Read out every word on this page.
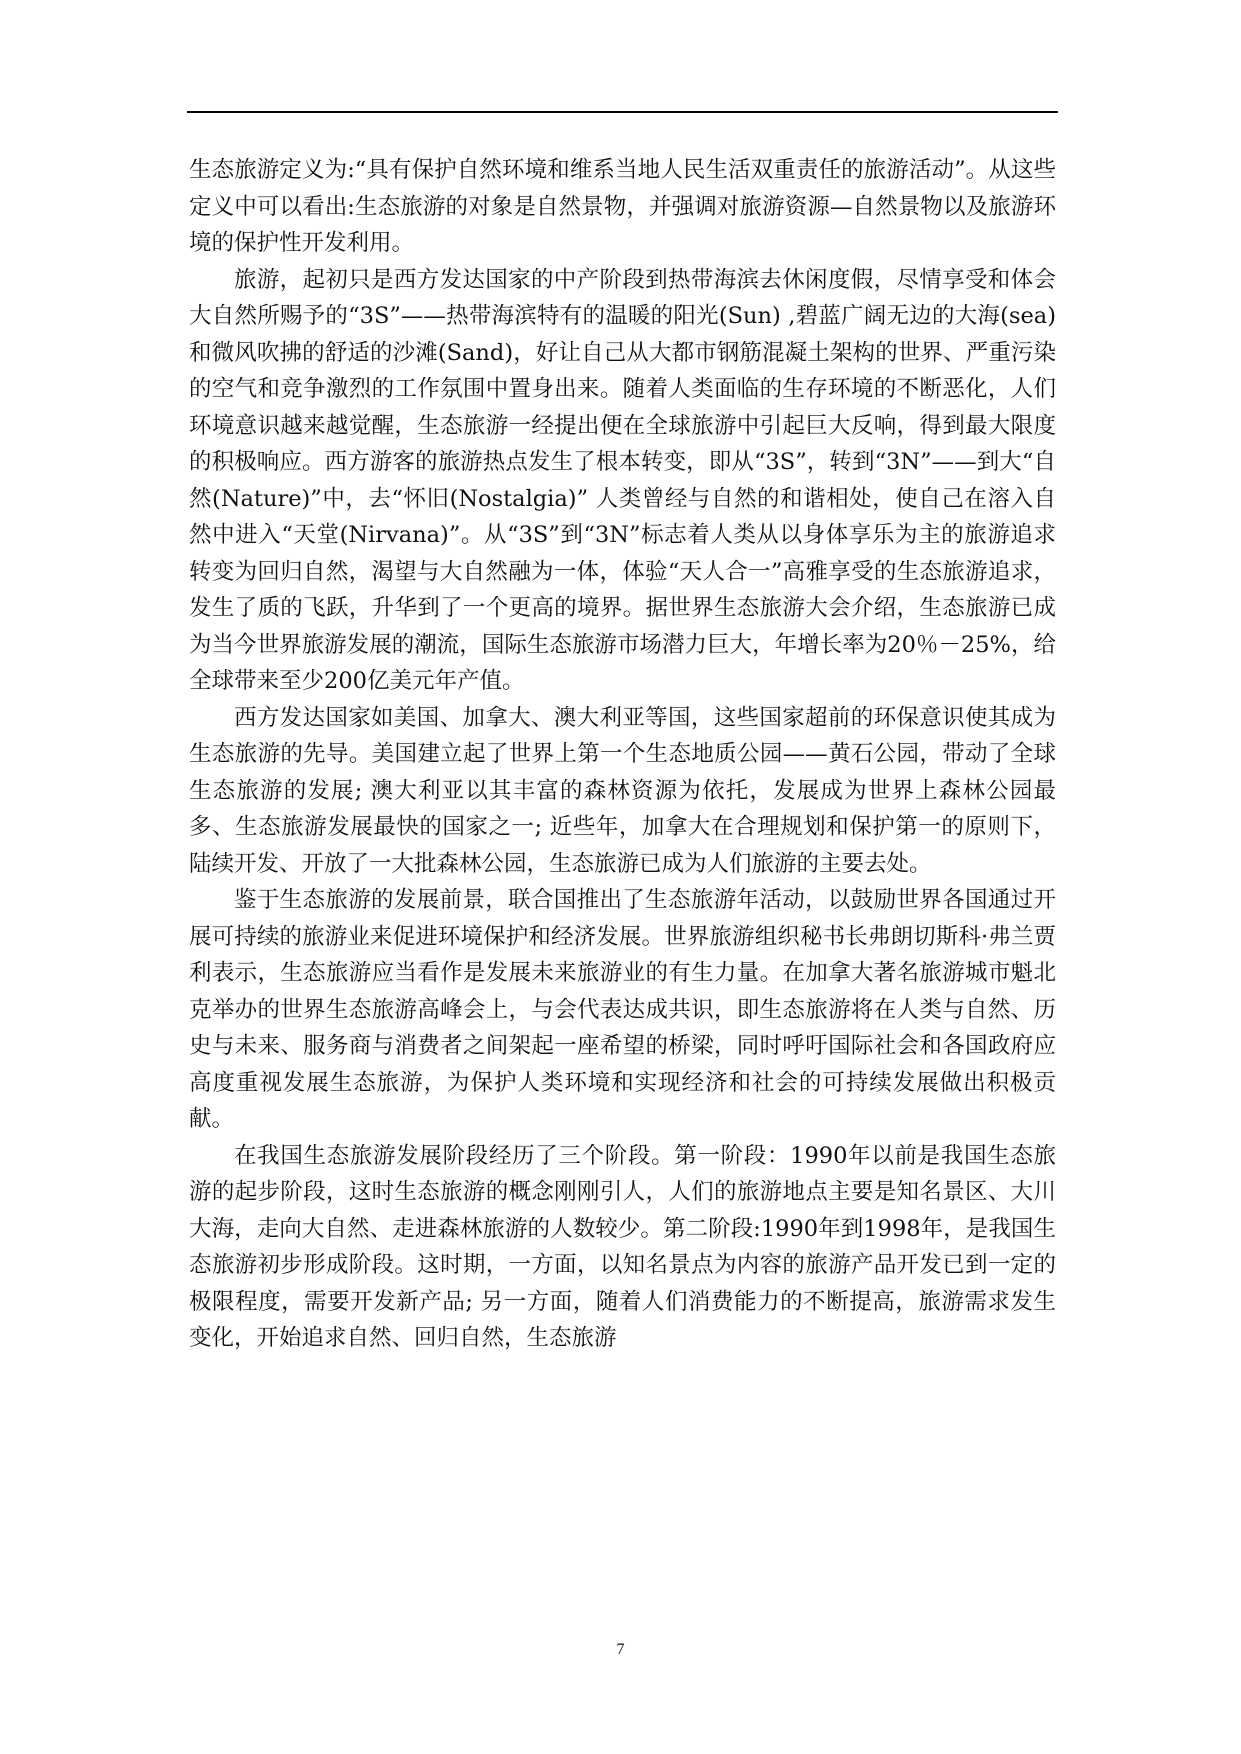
生态旅游定义为:“具有保护自然环境和维系当地人民生活双重责任的旅游活动”。从这些定义中可以看出:生态旅游的对象是自然景物，并强调对旅游资源—自然景物以及旅游环境的保护性开发利用。

旅游，起初只是西方发达国家的中产阶段到热带海滨去休闲度假，尽情享受和体会大自然所赐予的“3S”——热带海滨特有的温暖的阳光(Sun) ,碧蓝广阔无边的大海(sea)和微风吹拂的舒适的沙滩(Sand)，好让自己从大都市钢筋混凝土架构的世界、严重污染的空气和竞争激烈的工作氛围中置身出来。随着人类面临的生存环境的不断恶化，人们环境意识越来越觉醒，生态旅游一经提出便在全球旅游中引起巨大反响，得到最大限度的积极响应。西方游客的旅游热点发生了根本转变，即从“3S”，转到“3N”——到大“自然(Nature)”中，去“怀旧(Nostalgia)” 人类曾经与自然的和谐相处，使自己在溶入自然中进入“天堂(Nirvana)”。从“3S”到“3N”标志着人类从以身体享乐为主的旅游追求转变为回归自然，渴望与大自然融为一体，体验“天人合一”高雅享受的生态旅游追求，发生了质的飞跃，升华到了一个更高的境界。据世界生态旅游大会介绍，生态旅游已成为当今世界旅游发展的潮流，国际生态旅游市场潜力巨大，年增长率为20％－25%，给全球带来至少200亿美元年产值。

西方发达国家如美国、加拿大、澳大利亚等国，这些国家超前的环保意识使其成为生态旅游的先导。美国建立起了世界上第一个生态地质公园——黄石公园，带动了全球生态旅游的发展; 澳大利亚以其丰富的森林资源为依托，发展成为世界上森林公园最多、生态旅游发展最快的国家之一; 近些年，加拿大在合理规划和保护第一的原则下，陆续开发、开放了一大批森林公园，生态旅游已成为人们旅游的主要去处。

鉴于生态旅游的发展前景，联合国推出了生态旅游年活动，以鼓励世界各国通过开展可持续的旅游业来促进环境保护和经济发展。世界旅游组织秘书长弗朗切斯科·弗兰贾利表示，生态旅游应当看作是发展未来旅游业的有生力量。在加拿大著名旅游城市魁北克举办的世界生态旅游高峰会上，与会代表达成共识，即生态旅游将在人类与自然、历史与未来、服务商与消费者之间架起一座希望的桥梁，同时呼吁国际社会和各国政府应高度重视发展生态旅游，为保护人类环境和实现经济和社会的可持续发展做出积极贡献。

在我国生态旅游发展阶段经历了三个阶段。第一阶段：1990年以前是我国生态旅游的起步阶段，这时生态旅游的概念刚刚引人，人们的旅游地点主要是知名景区、大川大海，走向大自然、走进森林旅游的人数较少。第二阶段:1990年到1998年，是我国生态旅游初步形成阶段。这时期，一方面，以知名景点为内容的旅游产品开发已到一定的极限程度，需要开发新产品; 另一方面，随着人们消费能力的不断提高，旅游需求发生变化，开始追求自然、回归自然，生态旅游

7
